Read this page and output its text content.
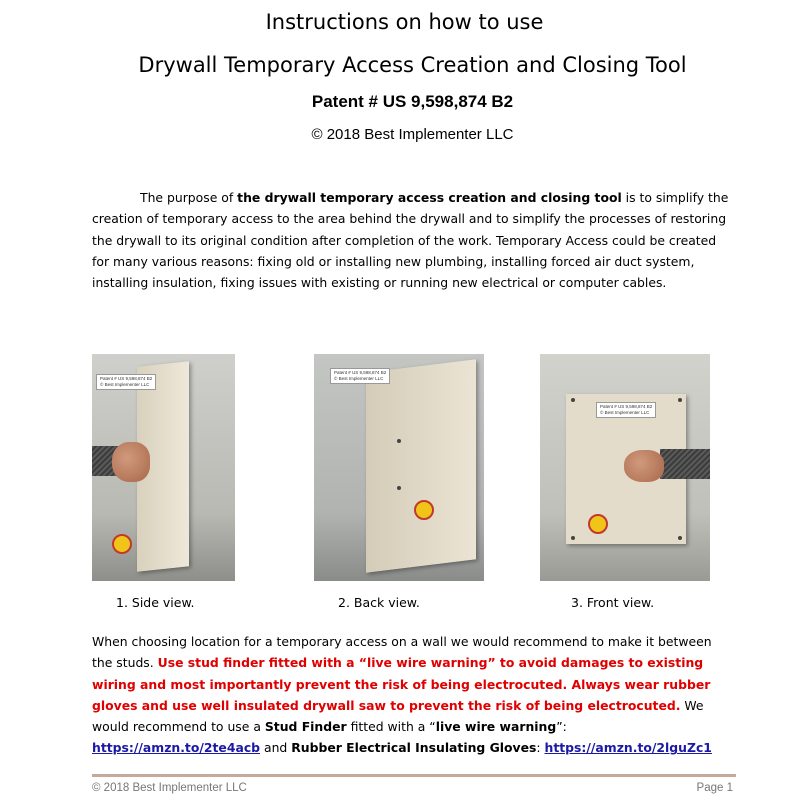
Instructions on how to use
Drywall Temporary Access Creation and Closing Tool
Patent # US 9,598,874 B2
© 2018 Best Implementer LLC

The purpose of the drywall temporary access creation and closing tool is to simplify the creation of temporary access to the area behind the drywall and to simplify the processes of restoring the drywall to its original condition after completion of the work. Temporary Access could be created for many various reasons: fixing old or installing new plumbing, installing forced air duct system, installing insulation, fixing issues with existing or running new electrical or computer cables.

Patent # US 9,598,874 B2
© Best Implementer LLC
Patent # US 9,598,874 B2
© Best Implementer LLC
Patent # US 9,598,874 B2
© Best Implementer LLC
1. Side view.	2. Back view.	3. Front view.

When choosing location for a temporary access on a wall we would recommend to make it between the studs. Use stud finder fitted with a “live wire warning” to avoid damages to existing wiring and most importantly prevent the risk of being electrocuted. Always wear rubber gloves and use well insulated drywall saw to prevent the risk of being electrocuted. We would recommend to use a Stud Finder fitted with a “live wire warning”: https://amzn.to/2te4acb and Rubber Electrical Insulating Gloves: https://amzn.to/2lguZc1

© 2018 Best Implementer LLC	Page 1
